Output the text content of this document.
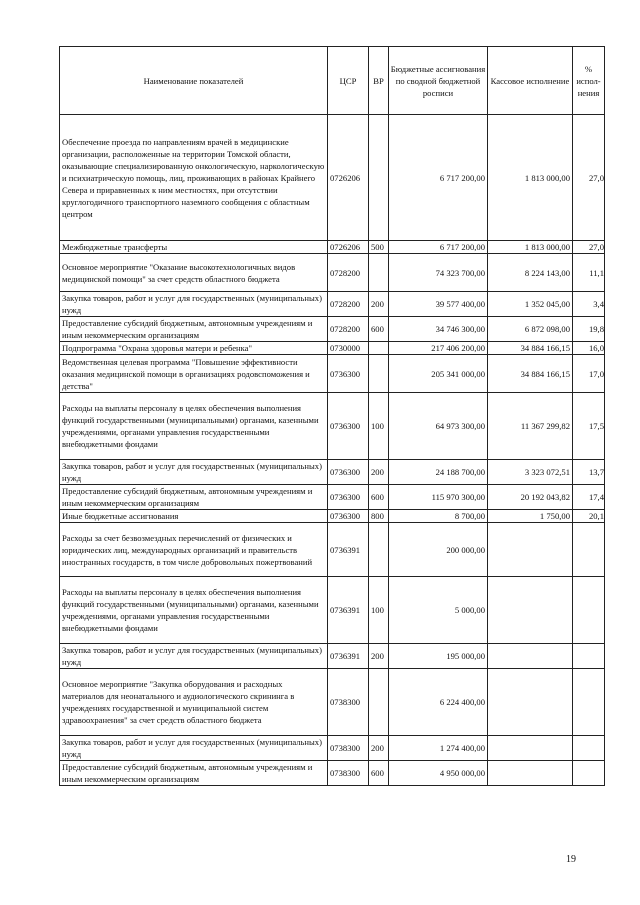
Наименование показателей	ЦСР	ВР	Бюджетные ассигнования по сводной бюджетной росписи	Кассовое исполнение	% испол-нения
Обеспечение проезда по направлениям врачей в медицинские организации, расположенные на территории Томской области, оказывающие специализированную онкологическую, наркологическую и психиатрическую помощь, лиц, проживающих в районах Крайнего Севера и приравненных к ним местностях, при отсутствии круглогодичного транспортного наземного сообщения с областным центром	0726206		6 717 200,00	1 813 000,00	27,0
Межбюджетные трансферты	0726206	500	6 717 200,00	1 813 000,00	27,0
Основное мероприятие "Оказание высокотехнологичных видов медицинской помощи" за счет средств областного бюджета	0728200		74 323 700,00	8 224 143,00	11,1
Закупка товаров, работ и услуг для государственных (муниципальных) нужд	0728200	200	39 577 400,00	1 352 045,00	3,4
Предоставление субсидий бюджетным, автономным учреждениям и иным некоммерческим организациям	0728200	600	34 746 300,00	6 872 098,00	19,8
Подпрограмма "Охрана здоровья матери и ребенка"	0730000		217 406 200,00	34 884 166,15	16,0
Ведомственная целевая программа "Повышение эффективности оказания медицинской помощи в организациях родовспоможения и детства"	0736300		205 341 000,00	34 884 166,15	17,0
Расходы на выплаты персоналу в целях обеспечения выполнения функций государственными (муниципальными) органами, казенными учреждениями, органами управления государственными внебюджетными фондами	0736300	100	64 973 300,00	11 367 299,82	17,5
Закупка товаров, работ и услуг для государственных (муниципальных) нужд	0736300	200	24 188 700,00	3 323 072,51	13,7
Предоставление субсидий бюджетным, автономным учреждениям и иным некоммерческим организациям	0736300	600	115 970 300,00	20 192 043,82	17,4
Иные бюджетные ассигнования	0736300	800	8 700,00	1 750,00	20,1
Расходы за счет безвозмездных перечислений от физических и юридических лиц, международных организаций и правительств иностранных государств, в том числе добровольных пожертвований	0736391		200 000,00		
Расходы на выплаты персоналу в целях обеспечения выполнения функций государственными (муниципальными) органами, казенными учреждениями, органами управления государственными внебюджетными фондами	0736391	100	5 000,00		
Закупка товаров, работ и услуг для государственных (муниципальных) нужд	0736391	200	195 000,00		
Основное мероприятие "Закупка оборудования и расходных материалов для неонатального и аудиологического скрининга в учреждениях государственной и муниципальной систем здравоохранения" за счет средств областного бюджета	0738300		6 224 400,00		
Закупка товаров, работ и услуг для государственных (муниципальных) нужд	0738300	200	1 274 400,00		
Предоставление субсидий бюджетным, автономным учреждениям и иным некоммерческим организациям	0738300	600	4 950 000,00		
19
